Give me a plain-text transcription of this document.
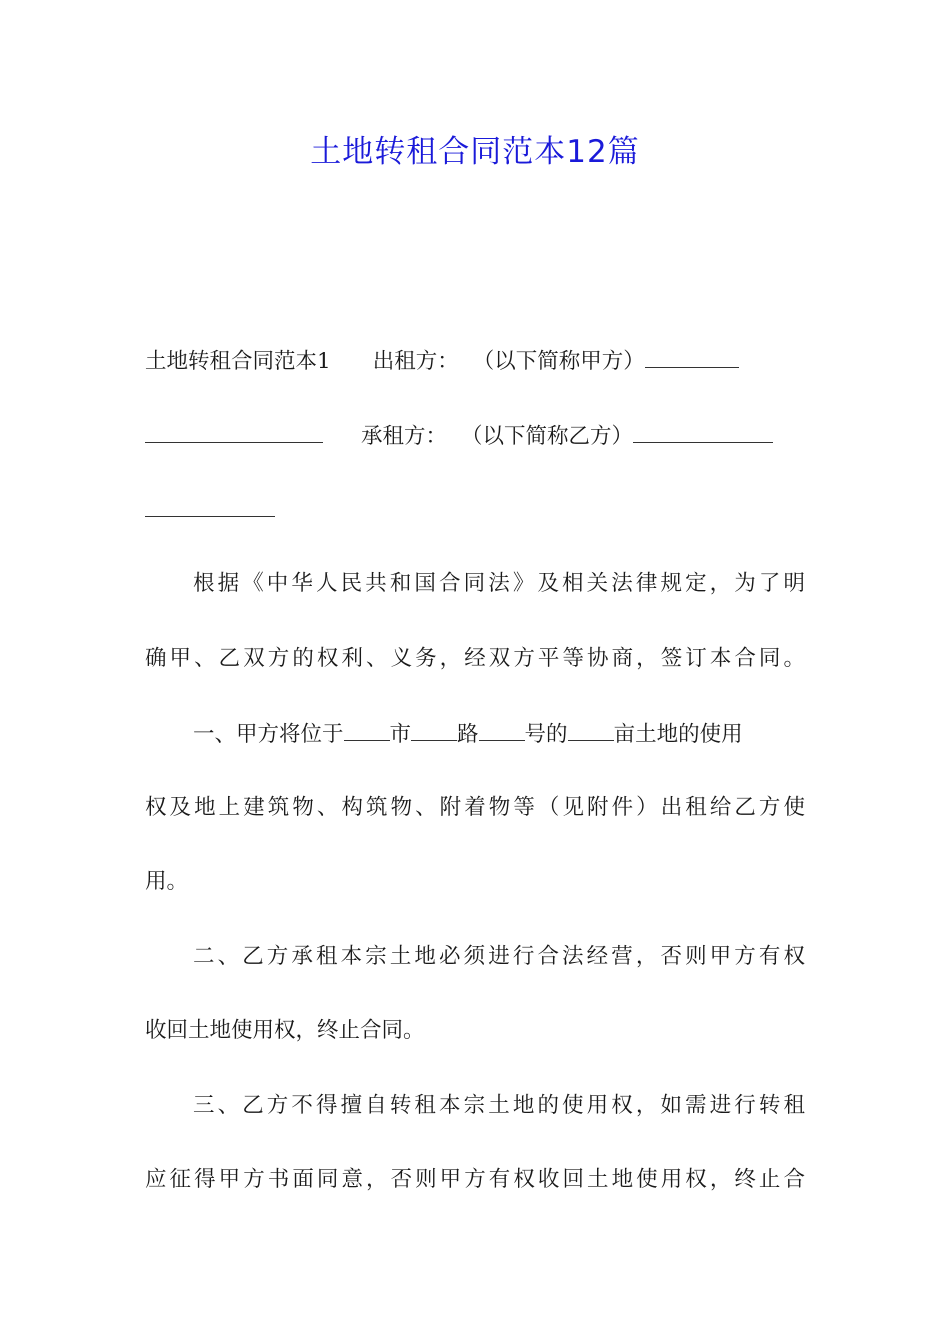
土地转租合同范本12篇
土地转租合同范本1 出租方： （以下简称甲方）
承租方： （以下简称乙方）
根据《中华人民共和国合同法》及相关法律规定，为了明
确甲、乙双方的权利、义务，经双方平等协商，签订本合同。
一、甲方将位于 市 路 号的 亩土地的使用
权及地上建筑物、构筑物、附着物等（见附件）出租给乙方使
用。
二、乙方承租本宗土地必须进行合法经营，否则甲方有权
收回土地使用权，终止合同。
三、乙方不得擅自转租本宗土地的使用权，如需进行转租
应征得甲方书面同意，否则甲方有权收回土地使用权，终止合
